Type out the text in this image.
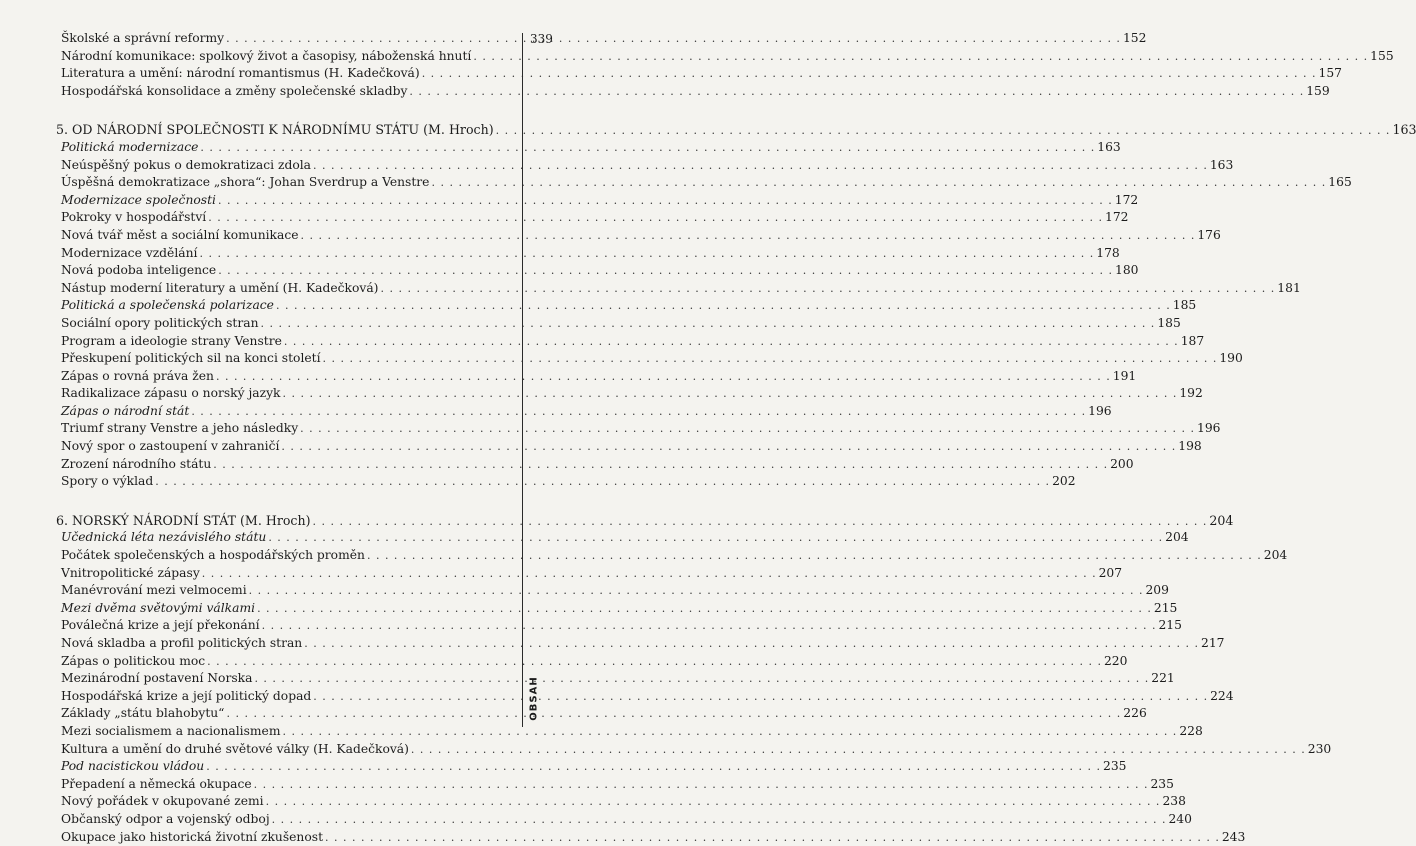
Školské a správní reformy . . .	152
Národní komunikace: spolkový život a časopisy, náboženská hnutí . . .	155
Literatura a umění: národní romantismus (H. Kadečková) . . .	157
Hospodářská konsolidace a změny společenské skladby . . .	159
5. OD NÁRODNÍ SPOLEČNOSTI K NÁRODNÍMU STÁTU (M. Hroch) . . .	163
Politická modernizace . . .	163
Neúspěšný pokus o demokratizaci zdola . . .	163
Úspěšná demokratizace „shora“: Johan Sverdrup a Venstre . . .	165
Modernizace společnosti . . .	172
Pokroky v hospodářství . . .	172
Nová tvář měst a sociální komunikace . . .	176
Modernizace vzdělání . . .	178
Nová podoba inteligence . . .	180
Nástup moderní literatury a umění (H. Kadečková) . . .	181
Politická a společenská polarizace . . .	185
Sociální opory politických stran . . .	185
Program a ideologie strany Venstre . . .	187
Přeskupení politických sil na konci století . . .	190
Zápas o rovná práva žen . . .	191
Radikalizace zápasu o norský jazyk . . .	192
Zápas o národní stát . . .	196
Triumf strany Venstre a jeho následky . . .	196
Nový spor o zastoupení v zahraničí . . .	198
Zrození národního státu . . .	200
Spory o výklad . . .	202
6. NORSKÝ NÁRODNÍ STÁT (M. Hroch) . . .	204
Učednická léta nezávislého státu . . .	204
Počátek společenských a hospodářských proměn . . .	204
Vnitropolitické zápasy . . .	207
Manévrování mezi velmocemi . . .	209
Mezi dvěma světovými válkami . . .	215
Poválečná krize a její překonání . . .	215
Nová skladba a profil politických stran . . .	217
Zápas o politickou moc . . .	220
Mezinárodní postavení Norska . . .	221
Hospodářská krize a její politický dopad . . .	224
Základy „státu blahobytu“ . . .	226
Mezi socialismem a nacionalismem . . .	228
Kultura a umění do druhé světové války (H. Kadečková) . . .	230
Pod nacistickou vládou . . .	235
Přepadení a německá okupace . . .	235
Nový pořádek v okupované zemi . . .	238
Občanský odpor a vojenský odboj . . .	240
Okupace jako historická životní zkušenost . . .	243
339
OBSAH
